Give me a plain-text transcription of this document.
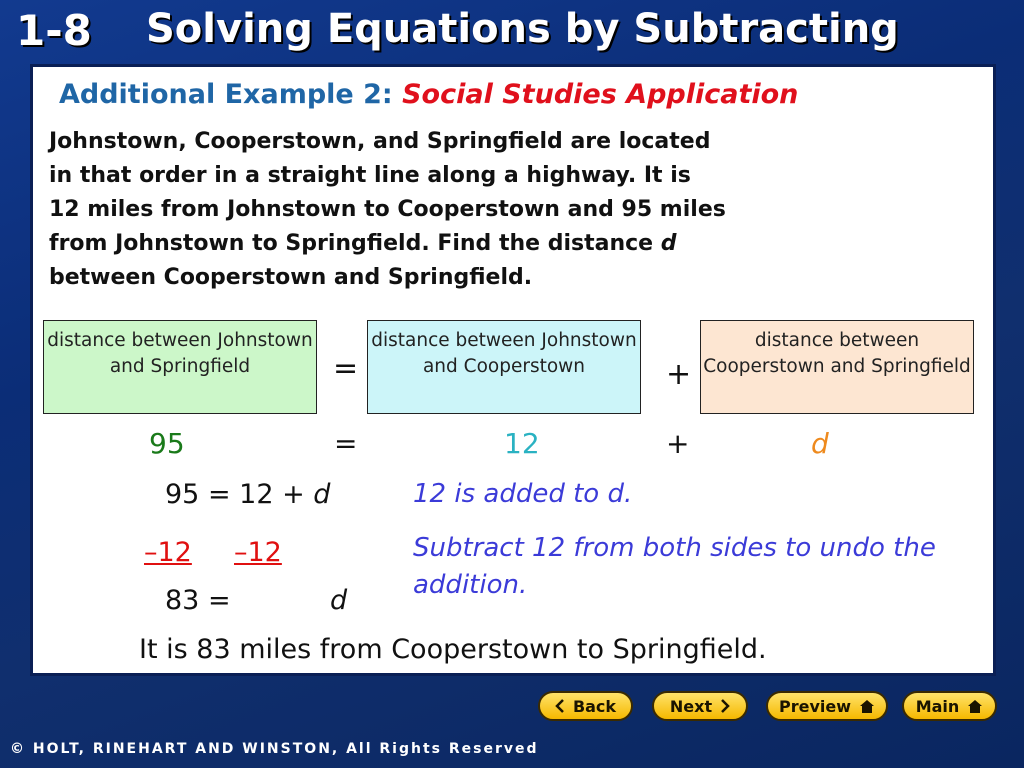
1-8 Solving Equations by Subtracting
Additional Example 2: Social Studies Application
Johnstown, Cooperstown, and Springfield are located
in that order in a straight line along a highway. It is
12 miles from Johnstown to Cooperstown and 95 miles
from Johnstown to Springfield. Find the distance d
between Cooperstown and Springfield.
distance between Johnstown and Springfield	=
distance between Johnstown and Cooperstown	+
distance between Cooperstown and Springfield
95	=	12	+	d
95 = 12 + d
–12 –12
83 =	d
12 is added to d.
Subtract 12 from both sides to undo the addition.
It is 83 miles from Cooperstown to Springfield.
Back	Next	Preview	Main
© HOLT, RINEHART AND WINSTON, All Rights Reserved
